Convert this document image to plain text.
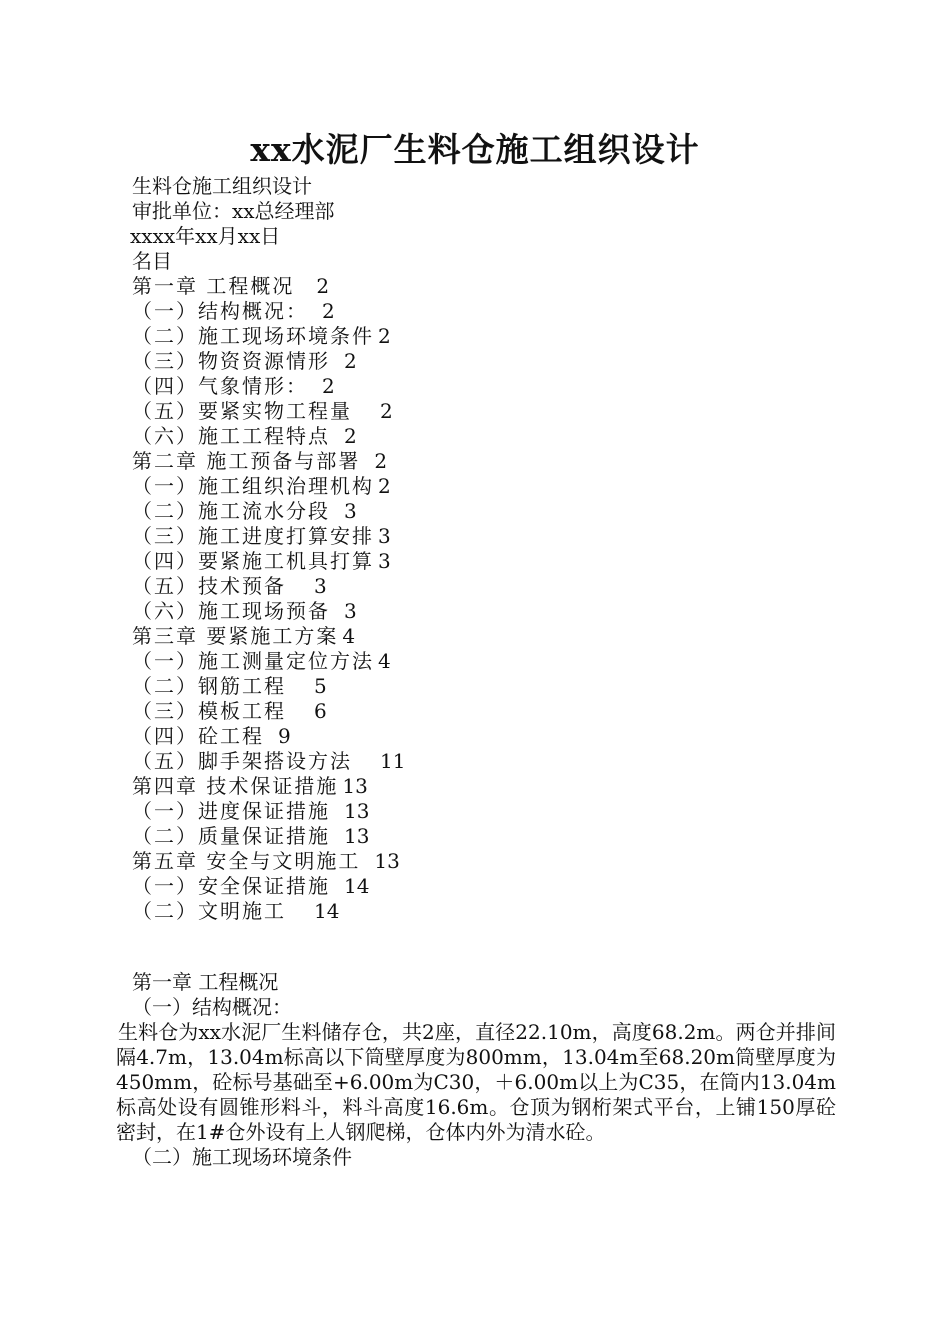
xx水泥厂生料仓施工组织设计
生料仓施工组织设计
审批单位：xx总经理部
xxxx年xx月xx日
名目
第一章 工程概况 2
（一）结构概况： 2
（二）施工现场环境条件 2
（三）物资资源情形 2
（四）气象情形： 2
（五）要紧实物工程量 2
（六）施工工程特点 2
第二章 施工预备与部署 2
（一）施工组织治理机构 2
（二）施工流水分段 3
（三）施工进度打算安排 3
（四）要紧施工机具打算 3
（五）技术预备 3
（六）施工现场预备 3
第三章 要紧施工方案 4
（一）施工测量定位方法 4
（二）钢筋工程 5
（三）模板工程 6
（四）砼工程 9
（五）脚手架搭设方法 11
第四章 技术保证措施 13
（一）进度保证措施 13
（二）质量保证措施 13
第五章 安全与文明施工 13
（一）安全保证措施 14
（二）文明施工 14
第一章 工程概况
（一）结构概况：
生料仓为xx水泥厂生料储存仓，共2座，直径22.10m，高度68.2m。两仓并排间隔4.7m，13.04m标高以下筒壁厚度为800mm，13.04m至68.20m筒壁厚度为450mm，砼标号基础至+6.00m为C30，＋6.00m以上为C35，在筒内13.04m标高处设有圆锥形料斗，料斗高度16.6m。仓顶为钢桁架式平台，上铺150厚砼密封，在1#仓外设有上人钢爬梯，仓体内外为清水砼。
（二）施工现场环境条件
